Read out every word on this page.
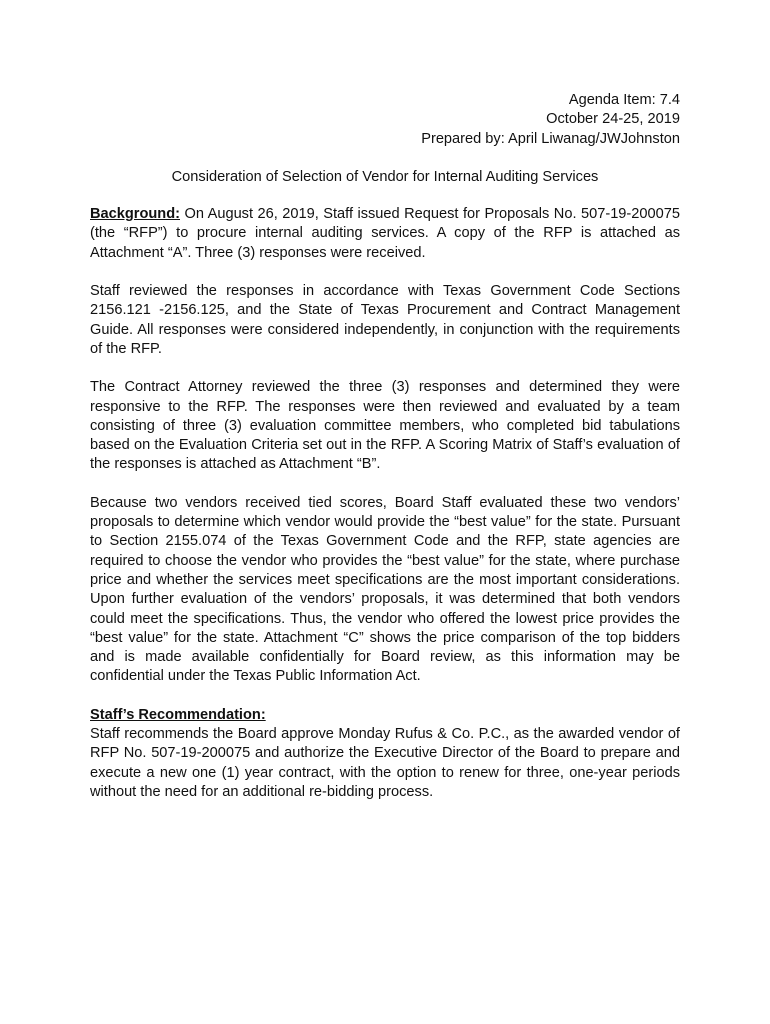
Agenda Item: 7.4
October 24-25, 2019
Prepared by: April Liwanag/JWJohnston
Consideration of Selection of Vendor for Internal Auditing Services

Background: On August 26, 2019, Staff issued Request for Proposals No. 507-19-200075 (the “RFP”) to procure internal auditing services. A copy of the RFP is attached as Attachment “A”. Three (3) responses were received.

Staff reviewed the responses in accordance with Texas Government Code Sections 2156.121 -2156.125, and the State of Texas Procurement and Contract Management Guide. All responses were considered independently, in conjunction with the requirements of the RFP.

The Contract Attorney reviewed the three (3) responses and determined they were responsive to the RFP. The responses were then reviewed and evaluated by a team consisting of three (3) evaluation committee members, who completed bid tabulations based on the Evaluation Criteria set out in the RFP. A Scoring Matrix of Staff’s evaluation of the responses is attached as Attachment “B”.

Because two vendors received tied scores, Board Staff evaluated these two vendors’ proposals to determine which vendor would provide the “best value” for the state. Pursuant to Section 2155.074 of the Texas Government Code and the RFP, state agencies are required to choose the vendor who provides the “best value” for the state, where purchase price and whether the services meet specifications are the most important considerations. Upon further evaluation of the vendors’ proposals, it was determined that both vendors could meet the specifications. Thus, the vendor who offered the lowest price provides the “best value” for the state. Attachment “C” shows the price comparison of the top bidders and is made available confidentially for Board review, as this information may be confidential under the Texas Public Information Act.

Staff’s Recommendation:
Staff recommends the Board approve Monday Rufus & Co. P.C., as the awarded vendor of RFP No. 507-19-200075 and authorize the Executive Director of the Board to prepare and execute a new one (1) year contract, with the option to renew for three, one-year periods without the need for an additional re-bidding process.
